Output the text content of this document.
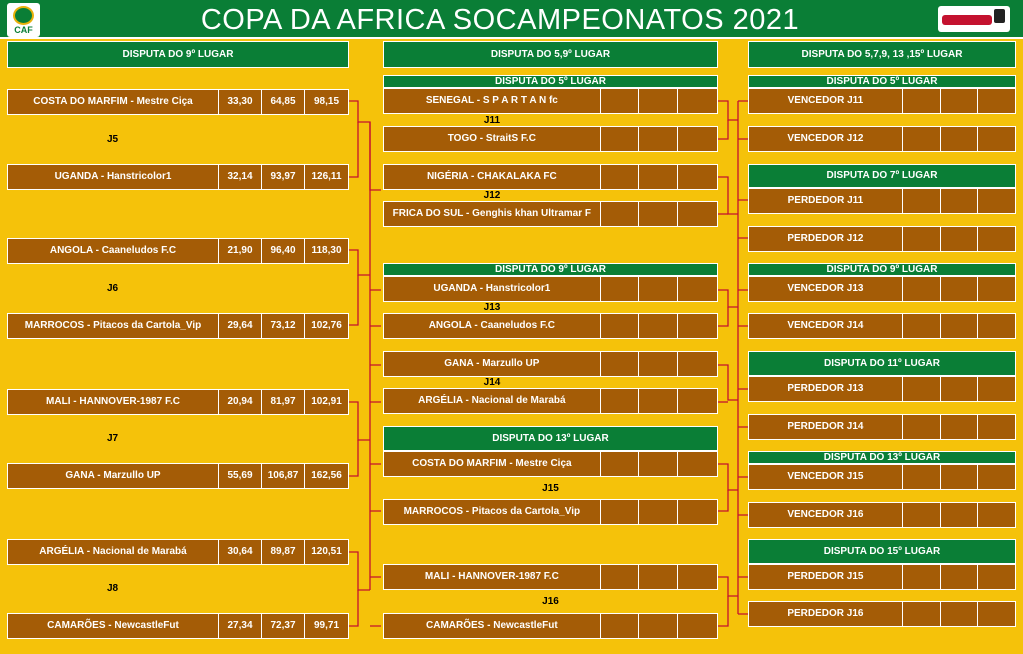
CAF	COPA DA AFRICA SOCAMPEONATOS 2021
DISPUTA DO 9º LUGAR	DISPUTA DO 5,9º LUGAR	DISPUTA DO 5,7,9, 13 ,15º LUGAR
COSTA DO MARFIM - Mestre Ciça	33,30	64,85	98,15
J5
UGANDA - Hanstricolor1	32,14	93,97	126,11
ANGOLA - Caaneludos F.C	21,90	96,40	118,30
J6
MARROCOS - Pitacos da Cartola_Vip	29,64	73,12	102,76
MALI - HANNOVER-1987 F.C	20,94	81,97	102,91
J7
GANA - Marzullo UP	55,69	106,87	162,56
ARGÉLIA - Nacional de Marabá	30,64	89,87	120,51
J8
CAMARÕES - NewcastleFut	27,34	72,37	99,71
DISPUTA DO 5º LUGAR
SENEGAL - S P A R T A N fc
J11
TOGO - StraitS F.C
NIGÉRIA - CHAKALAKA FC
J12
FRICA DO SUL - Genghis khan Ultramar F
DISPUTA DO 9º LUGAR
UGANDA - Hanstricolor1
J13
ANGOLA - Caaneludos F.C
GANA - Marzullo UP
J14
ARGÉLIA - Nacional de Marabá
DISPUTA DO 13º LUGAR
COSTA DO MARFIM - Mestre Ciça
J15
MARROCOS - Pitacos da Cartola_Vip
MALI - HANNOVER-1987 F.C
J16
CAMARÕES - NewcastleFut
DISPUTA DO 5º LUGAR
VENCEDOR J11
VENCEDOR J12
DISPUTA DO 7º LUGAR
PERDEDOR J11
PERDEDOR J12
DISPUTA DO 9º LUGAR
VENCEDOR J13
VENCEDOR J14
DISPUTA DO 11º LUGAR
PERDEDOR J13
PERDEDOR J14
DISPUTA DO 13º LUGAR
VENCEDOR J15
VENCEDOR J16
DISPUTA DO 15º LUGAR
PERDEDOR J15
PERDEDOR J16
